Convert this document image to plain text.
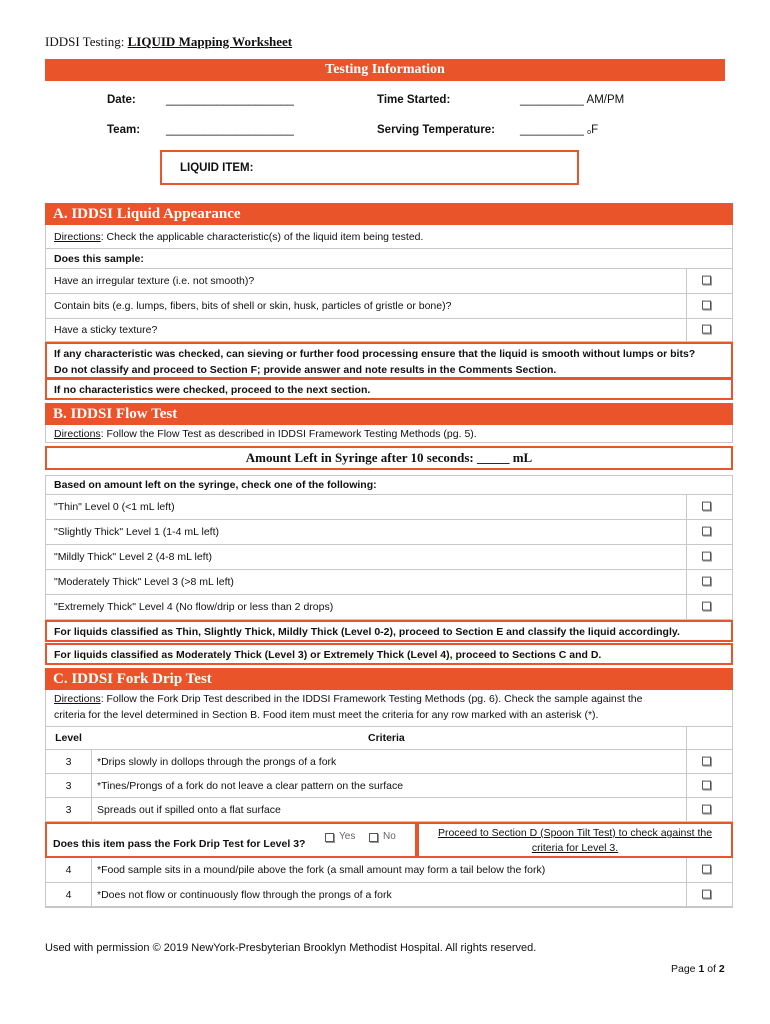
IDDSI Testing: LIQUID Mapping Worksheet
Testing Information
Date:	____________________	Time Started:	__________ AM/PM
Team: ____________________	Serving Temperature: __________ oF
LIQUID ITEM:
A. IDDSI Liquid Appearance
Directions: Check the applicable characteristic(s) of the liquid item being tested.
Does this sample:
Have an irregular texture (i.e. not smooth)?
Contain bits (e.g. lumps, fibers, bits of shell or skin, husk, particles of gristle or bone)?
Have a sticky texture?
If any characteristic was checked, can sieving or further food processing ensure that the liquid is smooth without lumps or bits?
Do not classify and proceed to Section F; provide answer and note results in the Comments Section.
If no characteristics were checked, proceed to the next section.
B. IDDSI Flow Test
Directions: Follow the Flow Test as described in IDDSI Framework Testing Methods (pg. 5).
Amount Left in Syringe after 10 seconds: _____ mL
Based on amount left on the syringe, check one of the following:
"Thin" Level 0 (<1 mL left)
"Slightly Thick" Level 1 (1-4 mL left)
"Mildly Thick" Level 2 (4-8 mL left)
"Moderately Thick" Level 3 (>8 mL left)
"Extremely Thick" Level 4 (No flow/drip or less than 2 drops)
For liquids classified as Thin, Slightly Thick, Mildly Thick (Level 0-2), proceed to Section E and classify the liquid accordingly.
For liquids classified as Moderately Thick (Level 3) or Extremely Thick (Level 4), proceed to Sections C and D.
C. IDDSI Fork Drip Test
Directions: Follow the Fork Drip Test described in the IDDSI Framework Testing Methods (pg. 6). Check the sample against the
criteria for the level determined in Section B. Food item must meet the criteria for any row marked with an asterisk (*).
Level	Criteria
3	*Drips slowly in dollops through the prongs of a fork
3	*Tines/Prongs of a fork do not leave a clear pattern on the surface
3	Spreads out if spilled onto a flat surface
Does this item pass the Fork Drip Test for Level 3?
Yes	No	Proceed to Section D (Spoon Tilt Test) to check against the
criteria for Level 3.
4	*Food sample sits in a mound/pile above the fork (a small amount may form a tail below the fork)
4	*Does not flow or continuously flow through the prongs of a fork
Used with permission © 2019 NewYork-Presbyterian Brooklyn Methodist Hospital. All rights reserved.
Page 1 of 2
